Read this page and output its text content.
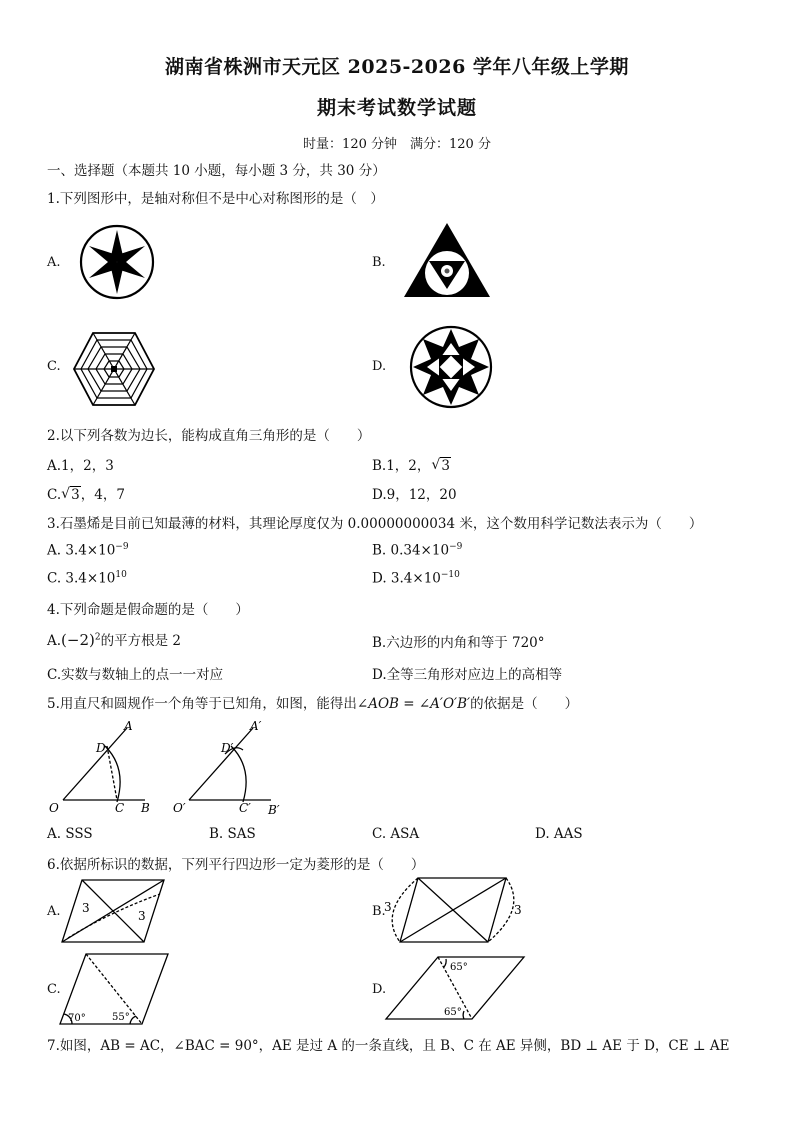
湖南省株洲市天元区 2025-2026 学年八年级上学期
期末考试数学试题
时量：120 分钟　满分：120 分
一、选择题（本题共 10 小题，每小题 3 分，共 30 分）
1.下列图形中，是轴对称但不是中心对称图形的是（　）
A.	B.
C.	D.
2.以下列各数为边长，能构成直角三角形的是（　　）
A.1，2，3	B.1，2， √ 3
C. √ 3，4，7	D.9，12，20
3.石墨烯是目前已知最薄的材料，其理论厚度仅为 0.00000000034 米，这个数用科学记数法表示为（　　）
A. $3.4\times 10^{-9}$	B. $0.34\times 10^{-9}$
C. $3.4\times 10^{10}$	D. $3.4\times 10^{-10}$
4.下列命题是假命题的是（　　）
$A.(-2)^2$的平方根是 2	B.六边形的内角和等于 720°
C.实数与数轴上的点一一对应	D.全等三角形对应边上的高相等
5.用直尺和圆规作一个角等于已知角，如图，能得出∠AOB = ∠A′O′B′的依据是（　　）
A
D
O	C B
A′
D′
O′	C′ B′
A. SSS	B. SAS	C. ASA	D. AAS
6.依据所标识的数据，下列平行四边形一定为菱形的是（　　）
A.	B.
C.	D.
3
3
3	3
70°	55°
65°
65°
7.如图，AB = AC，∠BAC = 90°，AE 是过 A 的一条直线，且 B、C 在 AE 异侧，BD ⊥ AE 于 D，CE ⊥ AE
